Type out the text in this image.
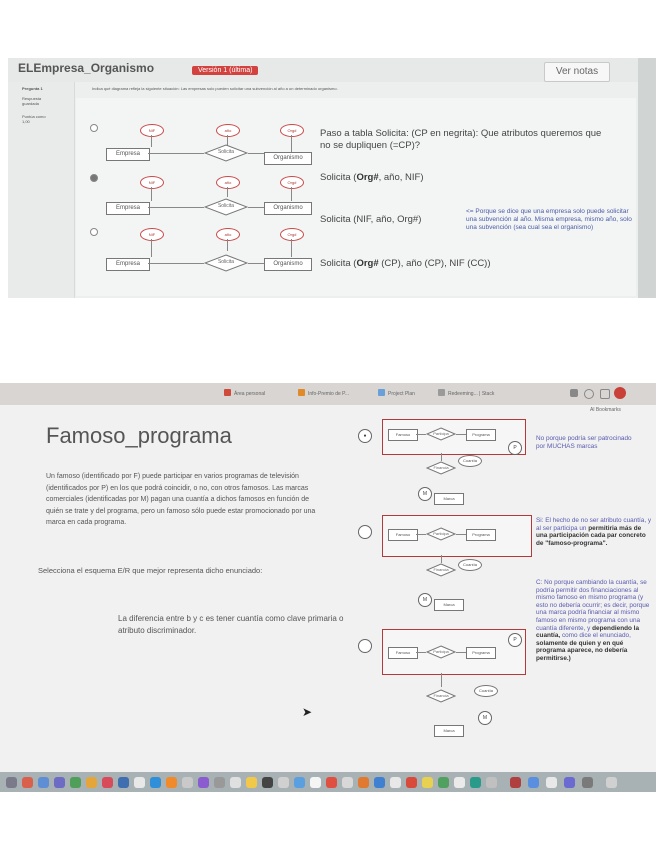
ELEmpresa_Organismo	Versión 1 (última)	Ver notas
Pregunta 1
Respuesta guardada
Puntúa como 1,00
Indica qué diagrama refleja la siguiente situación: Las empresas solo pueden solicitar una subvención al año a un determinado organismo.
NIF	año	Org#
Empresa	Solicita
Organismo
NIF	año	Org#
Empresa	Solicita	Organismo
NIF	año	Org#
Empresa	Solicita	Organismo
Paso a tabla Solicita: (CP en negrita): Que atributos queremos que no se dupliquen (=CP)?
Solicita (Org#, año, NIF)
Solicita (NIF, año, Org#)
Solicita (Org# (CP), año (CP), NIF (CC))
<= Porque se dice que una empresa solo puede solicitar una subvención al año. Misma empresa, mismo año, solo una subvención (sea cual sea el organismo)
Área personal	Info-Premio de P...	Project Plan	Redeeming... | Stack
Al Bookmarks
Famoso_programa
Un famoso (identificado por F) puede participar en varios programas de televisión (identificados por P) en los que podrá coincidir, o no, con otros famosos. Las marcas comerciales (identificadas por M) pagan una cuantía a dichos famosos en función de quién se trate y del programa, pero un famoso sólo puede estar promocionado por una marca en cada programa.
Selecciona el esquema E/R que mejor representa dicho enunciado:
La diferencia entre b y c es tener cuantía como clave primaria o atributo discriminador.
➤
●	Famoso	Participa	Programa
P
Financia
Cuantía
M
Marca
Famoso	Participa	Programa
Financia
Cuantía
M
Marca
Famoso	Participa	Programa
P
Cuantía
Financia
M
Marca
No porque podría ser patrocinado por MUCHAS marcas
Si: El hecho de no ser atributo cuantía, y al ser participa un permitiria más de una participación cada par concreto de "famoso-programa".
C: No porque cambiando la cuantía, se podría permitir dos financiaciones al mismo famoso en mismo programa (y esto no debería ocurrir; es decir, porque una marca podría financiar al mismo famoso en mismo programa con una cuantía diferente, y dependiendo la cuantía, como dice el enunciado, solamente de quien y en qué programa aparece, no debería permitirse.)
